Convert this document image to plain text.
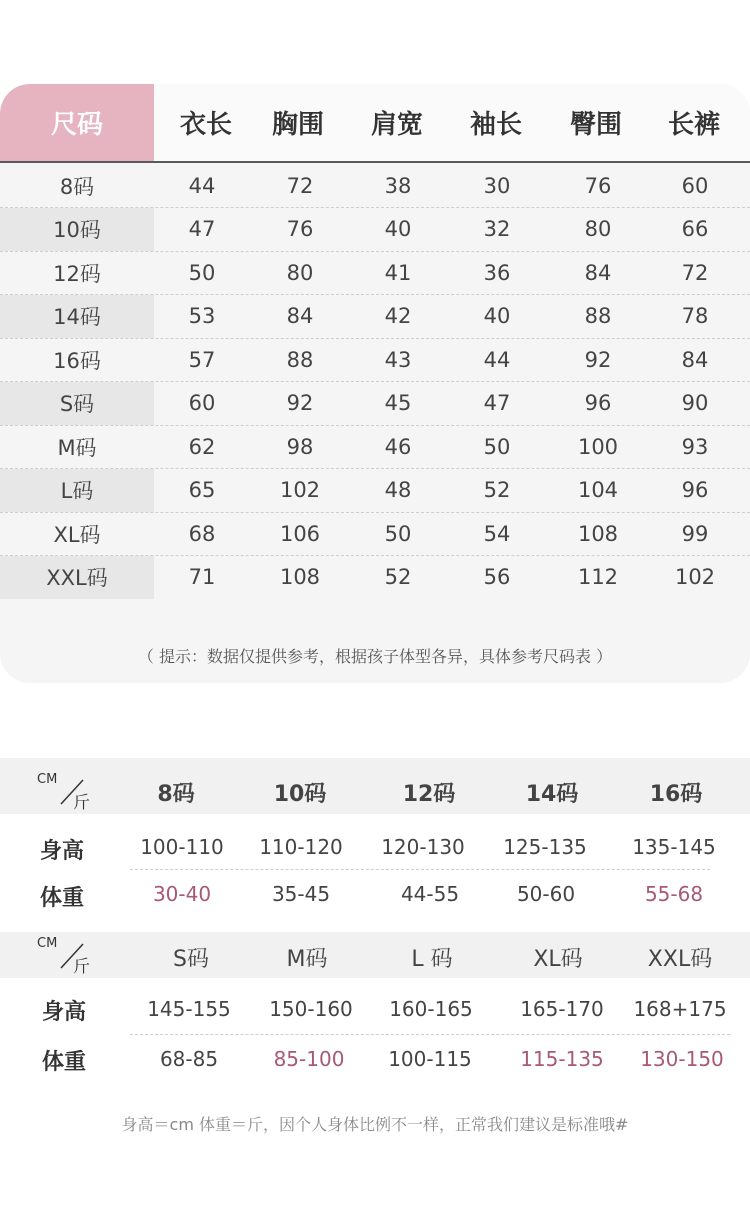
尺码	衣长	胸围	肩宽	袖长	臀围	长裤
8码	44	72	38	30	76	60
10码	47	76	40	32	80	66
12码	50	80	41	36	84	72
14码	53	84	42	40	88	78
16码	57	88	43	44	92	84
S码	60	92	45	47	96	90
M码	62	98	46	50	100	93
L码	65	102	48	52	104	96
XL码	68	106	50	54	108	99
XXL码	71	108	52	56	112	102
（ 提示：数据仅提供参考，根据孩子体型各异，具体参考尺码表 ）
CM
斤	8码	10码	12码	14码	16码
身高	100-110	110-120	120-130	125-135	135-145
体重	30-40	35-45	44-55	50-60	55-68
CM
斤	S码	M码	L 码	XL码	XXL码
身高	145-155	150-160	160-165	165-170	168+175
体重	68-85	85-100	100-115	115-135	130-150
身高＝cm 体重＝斤，因个人身体比例不一样，正常我们建议是标准哦#
